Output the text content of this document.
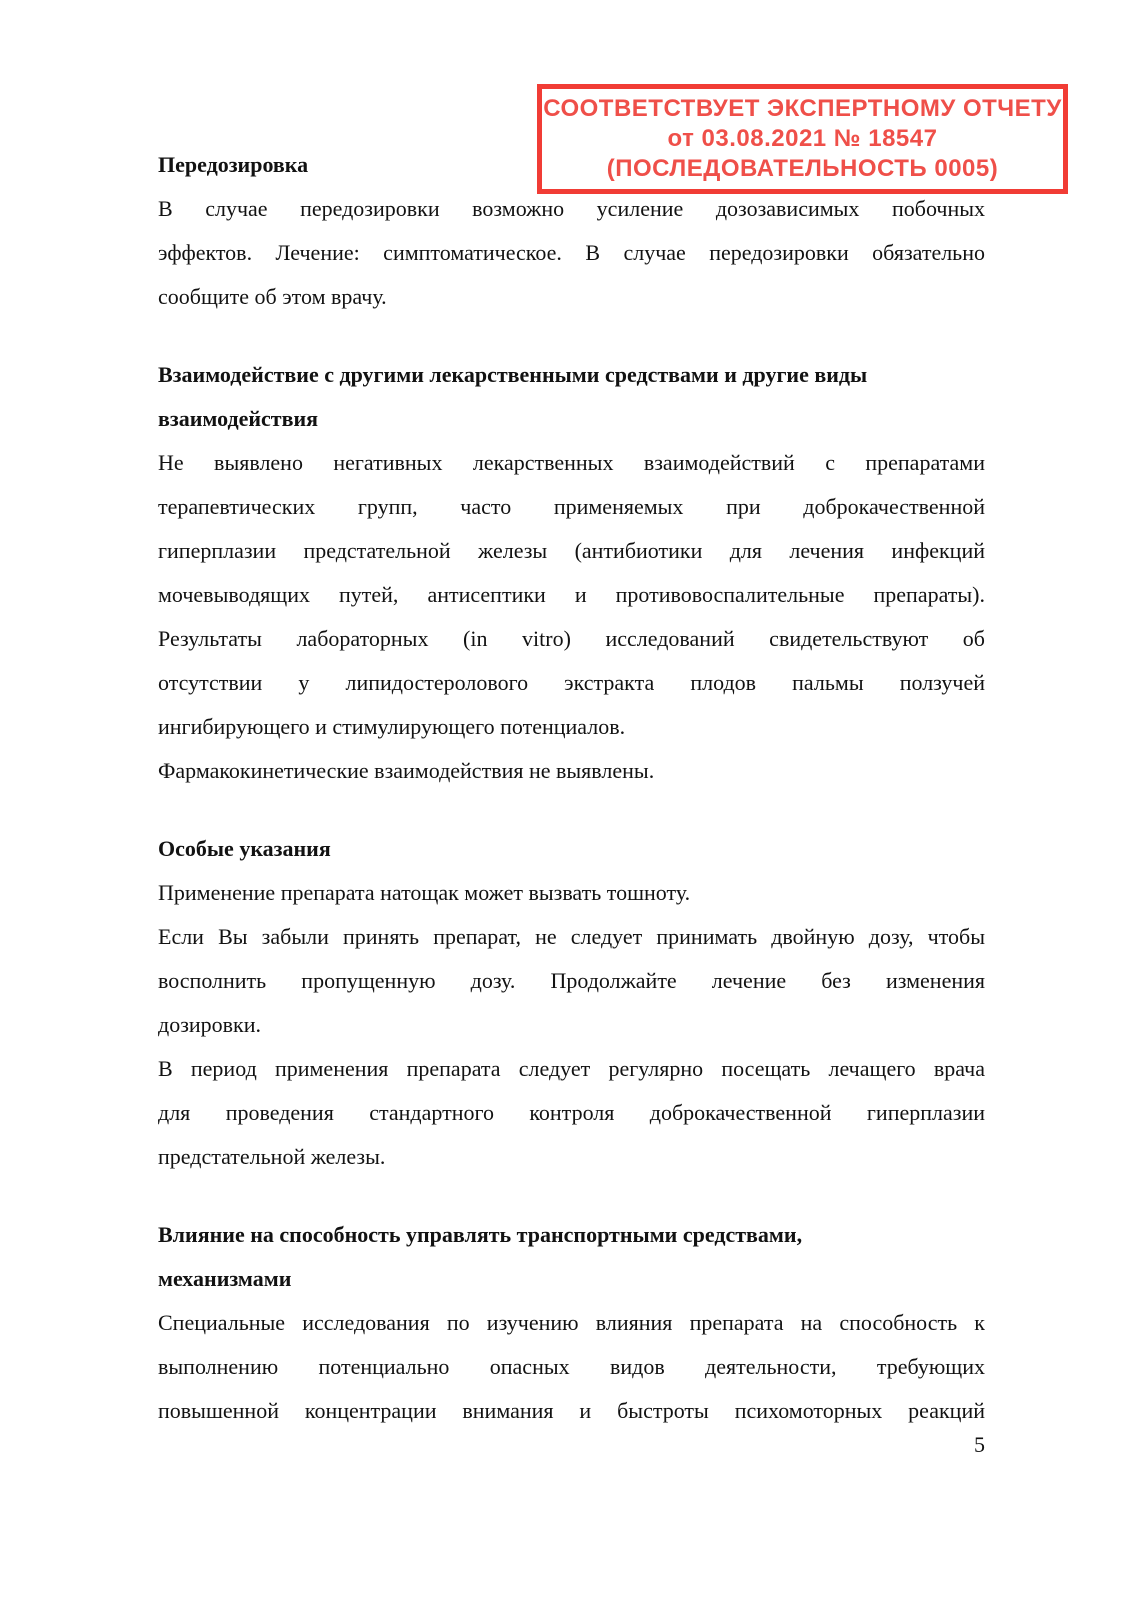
СООТВЕТСТВУЕТ ЭКСПЕРТНОМУ ОТЧЕТУ
от 03.08.2021 № 18547
(ПОСЛЕДОВАТЕЛЬНОСТЬ 0005)
Передозировка
В случае передозировки возможно усиление дозозависимых побочных
эффектов. Лечение: симптоматическое. В случае передозировки обязательно
сообщите об этом врачу.
Взаимодействие с другими лекарственными средствами и другие виды
взаимодействия
Не выявлено негативных лекарственных взаимодействий с препаратами
терапевтических групп, часто применяемых при доброкачественной
гиперплазии предстательной железы (антибиотики для лечения инфекций
мочевыводящих путей, антисептики и противовоспалительные препараты).
Результаты лабораторных (in vitro) исследований свидетельствуют об
отсутствии у липидостеролового экстракта плодов пальмы ползучей
ингибирующего и стимулирующего потенциалов.
Фармакокинетические взаимодействия не выявлены.
Особые указания
Применение препарата натощак может вызвать тошноту.
Если Вы забыли принять препарат, не следует принимать двойную дозу, чтобы
восполнить пропущенную дозу. Продолжайте лечение без изменения
дозировки.
В период применения препарата следует регулярно посещать лечащего врача
для проведения стандартного контроля доброкачественной гиперплазии
предстательной железы.
Влияние на способность управлять транспортными средствами,
механизмами
Специальные исследования по изучению влияния препарата на способность к
выполнению потенциально опасных видов деятельности, требующих
повышенной концентрации внимания и быстроты психомоторных реакций
5
